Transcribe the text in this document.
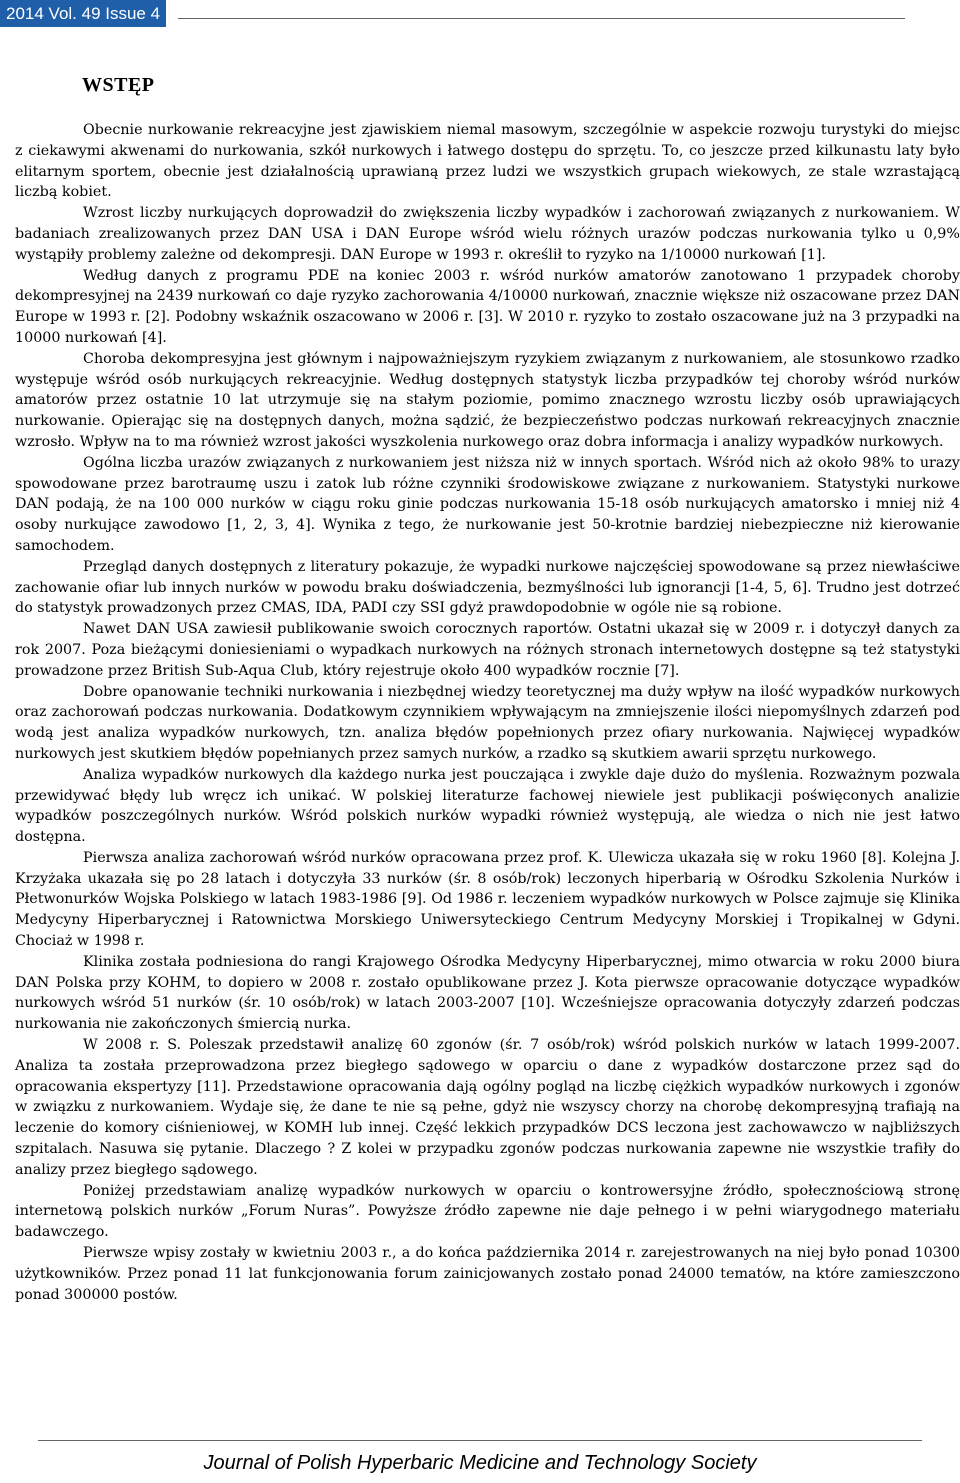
2014 Vol. 49 Issue 4
WSTĘP

Obecnie nurkowanie rekreacyjne jest zjawiskiem niemal masowym, szczególnie w aspekcie rozwoju turystyki do miejsc z ciekawymi akwenami do nurkowania, szkół nurkowych i łatwego dostępu do sprzętu. To, co jeszcze przed kilkunastu laty było elitarnym sportem, obecnie jest działalnością uprawianą przez ludzi we wszystkich grupach wiekowych, ze stale wzrastającą liczbą kobiet.

Wzrost liczby nurkujących doprowadził do zwiększenia liczby wypadków i zachorowań związanych z nurkowaniem. W badaniach zrealizowanych przez DAN USA i DAN Europe wśród wielu różnych urazów podczas nurkowania tylko u 0,9% wystąpiły problemy zależne od dekompresji. DAN Europe w 1993 r. określił to ryzyko na 1/10000 nurkowań [1].

Według danych z programu PDE na koniec 2003 r. wśród nurków amatorów zanotowano 1 przypadek choroby dekompresyjnej na 2439 nurkowań co daje ryzyko zachorowania 4/10000 nurkowań, znacznie większe niż oszacowane przez DAN Europe w 1993 r. [2]. Podobny wskaźnik oszacowano w 2006 r. [3]. W 2010 r. ryzyko to zostało oszacowane już na 3 przypadki na 10000 nurkowań [4].

Choroba dekompresyjna jest głównym i najpoważniejszym ryzykiem związanym z nurkowaniem, ale stosunkowo rzadko występuje wśród osób nurkujących rekreacyjnie. Według dostępnych statystyk liczba przypadków tej choroby wśród nurków amatorów przez ostatnie 10 lat utrzymuje się na stałym poziomie, pomimo znacznego wzrostu liczby osób uprawiających nurkowanie. Opierając się na dostępnych danych, można sądzić, że bezpieczeństwo podczas nurkowań rekreacyjnych znacznie wzrosło. Wpływ na to ma również wzrost jakości wyszkolenia nurkowego oraz dobra informacja i analizy wypadków nurkowych.

Ogólna liczba urazów związanych z nurkowaniem jest niższa niż w innych sportach. Wśród nich aż około 98% to urazy spowodowane przez barotraumę uszu i zatok lub różne czynniki środowiskowe związane z nurkowaniem. Statystyki nurkowe DAN podają, że na 100 000 nurków w ciągu roku ginie podczas nurkowania 15-18 osób nurkujących amatorsko i mniej niż 4 osoby nurkujące zawodowo [1, 2, 3, 4]. Wynika z tego, że nurkowanie jest 50-krotnie bardziej niebezpieczne niż kierowanie samochodem.

Przegląd danych dostępnych z literatury pokazuje, że wypadki nurkowe najczęściej spowodowane są przez niewłaściwe zachowanie ofiar lub innych nurków w powodu braku doświadczenia, bezmyślności lub ignorancji [1-4, 5, 6]. Trudno jest dotrzeć do statystyk prowadzonych przez CMAS, IDA, PADI czy SSI gdyż prawdopodobnie w ogóle nie są robione.

Nawet DAN USA zawiesił publikowanie swoich corocznych raportów. Ostatni ukazał się w 2009 r. i dotyczył danych za rok 2007. Poza bieżącymi doniesieniami o wypadkach nurkowych na różnych stronach internetowych dostępne są też statystyki prowadzone przez British Sub-Aqua Club, który rejestruje około 400 wypadków rocznie [7].

Dobre opanowanie techniki nurkowania i niezbędnej wiedzy teoretycznej ma duży wpływ na ilość wypadków nurkowych oraz zachorowań podczas nurkowania. Dodatkowym czynnikiem wpływającym na zmniejszenie ilości niepomyślnych zdarzeń pod wodą jest analiza wypadków nurkowych, tzn. analiza błędów popełnionych przez ofiary nurkowania. Najwięcej wypadków nurkowych jest skutkiem błędów popełnianych przez samych nurków, a rzadko są skutkiem awarii sprzętu nurkowego.

Analiza wypadków nurkowych dla każdego nurka jest pouczająca i zwykle daje dużo do myślenia. Rozważnym pozwala przewidywać błędy lub wręcz ich unikać. W polskiej literaturze fachowej niewiele jest publikacji poświęconych analizie wypadków poszczególnych nurków. Wśród polskich nurków wypadki również występują, ale wiedza o nich nie jest łatwo dostępna.

Pierwsza analiza zachorowań wśród nurków opracowana przez prof. K. Ulewicza ukazała się w roku 1960 [8]. Kolejna J. Krzyżaka ukazała się po 28 latach i dotyczyła 33 nurków (śr. 8 osób/rok) leczonych hiperbarią w Ośrodku Szkolenia Nurków i Płetwonurków Wojska Polskiego w latach 1983-1986 [9]. Od 1986 r. leczeniem wypadków nurkowych w Polsce zajmuje się Klinika Medycyny Hiperbarycznej i Ratownictwa Morskiego Uniwersyteckiego Centrum Medycyny Morskiej i Tropikalnej w Gdyni. Chociaż w 1998 r.

Klinika została podniesiona do rangi Krajowego Ośrodka Medycyny Hiperbarycznej, mimo otwarcia w roku 2000 biura DAN Polska przy KOHM, to dopiero w 2008 r. zostało opublikowane przez J. Kota pierwsze opracowanie dotyczące wypadków nurkowych wśród 51 nurków (śr. 10 osób/rok) w latach 2003-2007 [10]. Wcześniejsze opracowania dotyczyły zdarzeń podczas nurkowania nie zakończonych śmiercią nurka.

W 2008 r. S. Poleszak przedstawił analizę 60 zgonów (śr. 7 osób/rok) wśród polskich nurków w latach 1999-2007. Analiza ta została przeprowadzona przez biegłego sądowego w oparciu o dane z wypadków dostarczone przez sąd do opracowania ekspertyzy [11]. Przedstawione opracowania dają ogólny pogląd na liczbę ciężkich wypadków nurkowych i zgonów w związku z nurkowaniem. Wydaje się, że dane te nie są pełne, gdyż nie wszyscy chorzy na chorobę dekompresyjną trafiają na leczenie do komory ciśnieniowej, w KOMH lub innej. Część lekkich przypadków DCS leczona jest zachowawczo w najbliższych szpitalach. Nasuwa się pytanie. Dlaczego ? Z kolei w przypadku zgonów podczas nurkowania zapewne nie wszystkie trafiły do analizy przez biegłego sądowego.

Poniżej przedstawiam analizę wypadków nurkowych w oparciu o kontrowersyjne źródło, społecznościową stronę internetową polskich nurków „Forum Nuras”. Powyższe źródło zapewne nie daje pełnego i w pełni wiarygodnego materiału badawczego.

Pierwsze wpisy zostały w kwietniu 2003 r., a do końca października 2014 r. zarejestrowanych na niej było ponad 10300 użytkowników. Przez ponad 11 lat funkcjonowania forum zainicjowanych zostało ponad 24000 tematów, na które zamieszczono ponad 300000 postów.

Journal of Polish Hyperbaric Medicine and Technology Society
